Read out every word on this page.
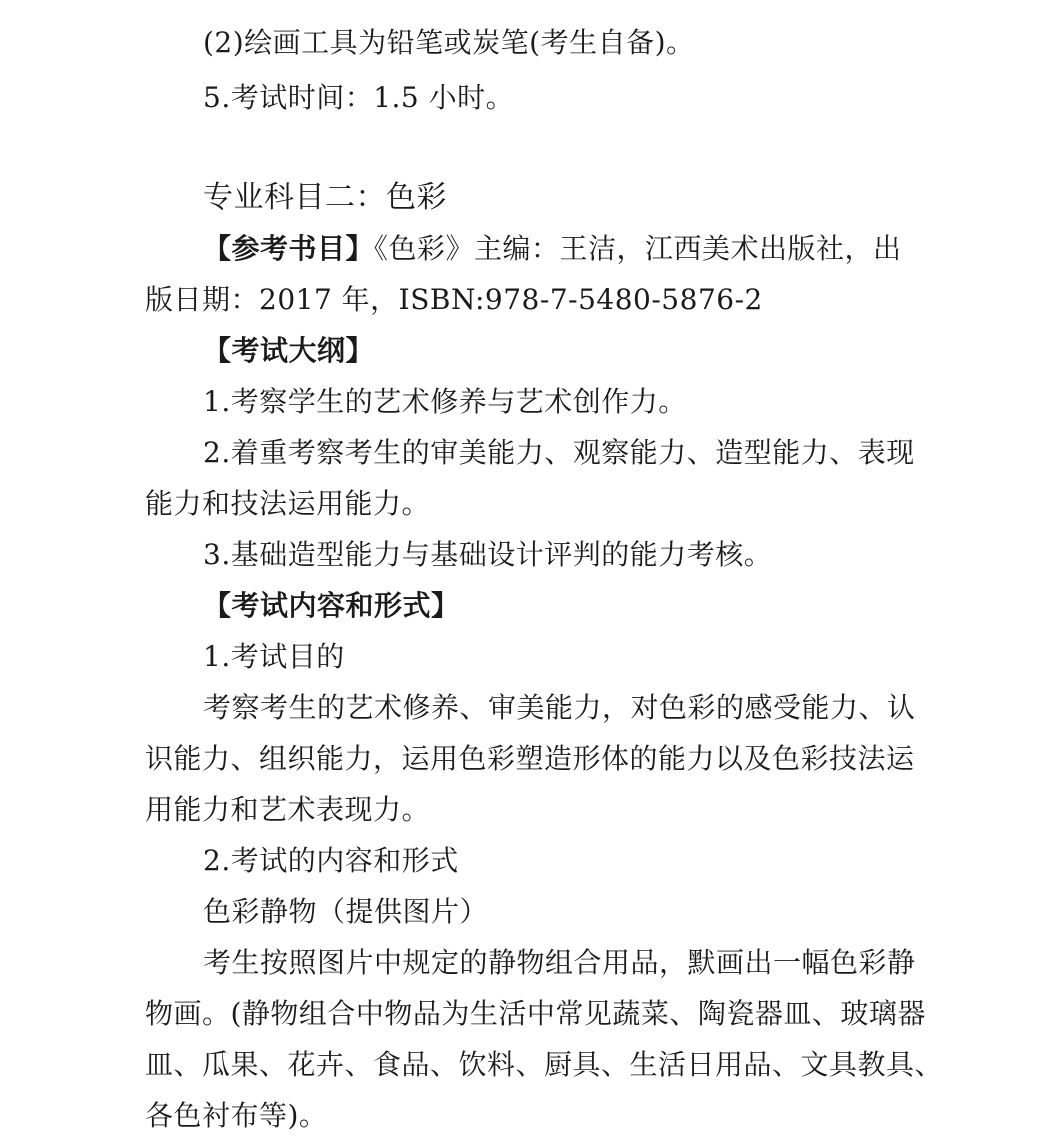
(2)绘画工具为铅笔或炭笔(考生自备)。
5.考试时间：1.5 小时。
专业科目二：色彩
【参考书目】《色彩》主编：王洁，江西美术出版社，出
版日期：2017 年，ISBN:978-7-5480-5876-2
【考试大纲】
1.考察学生的艺术修养与艺术创作力。
2.着重考察考生的审美能力、观察能力、造型能力、表现
能力和技法运用能力。
3.基础造型能力与基础设计评判的能力考核。
【考试内容和形式】
1.考试目的
考察考生的艺术修养、审美能力，对色彩的感受能力、认
识能力、组织能力，运用色彩塑造形体的能力以及色彩技法运
用能力和艺术表现力。
2.考试的内容和形式
色彩静物（提供图片）
考生按照图片中规定的静物组合用品，默画出一幅色彩静
物画。(静物组合中物品为生活中常见蔬菜、陶瓷器皿、玻璃器
皿、瓜果、花卉、食品、饮料、厨具、生活日用品、文具教具、
各色衬布等)。
